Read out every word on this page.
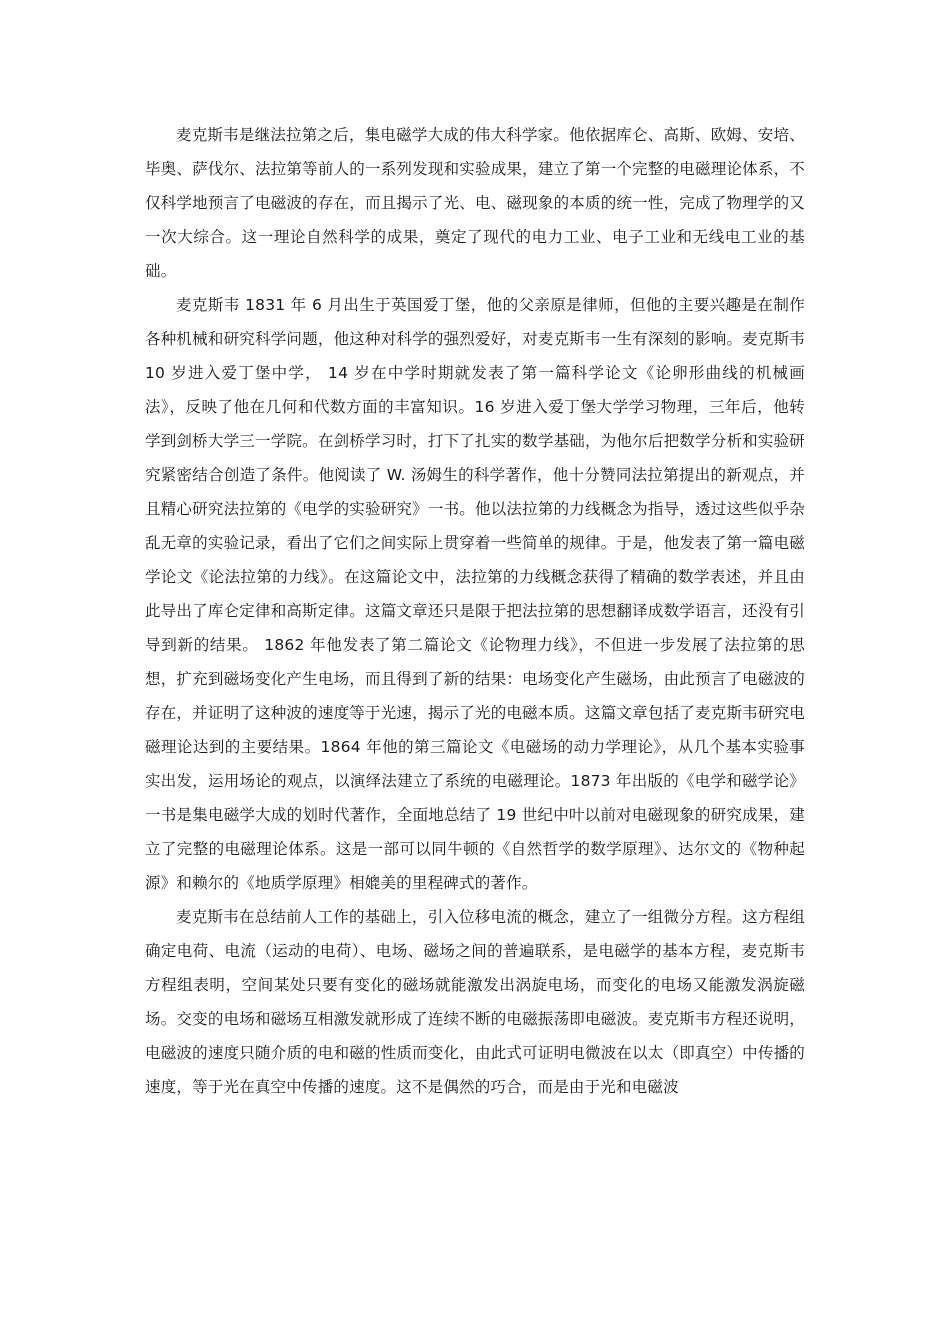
麦克斯韦是继法拉第之后，集电磁学大成的伟大科学家。他依据库仑、高斯、欧姆、安培、毕奥、萨伐尔、法拉第等前人的一系列发现和实验成果，建立了第一个完整的电磁理论体系，不仅科学地预言了电磁波的存在，而且揭示了光、电、磁现象的本质的统一性，完成了物理学的又一次大综合。这一理论自然科学的成果，奠定了现代的电力工业、电子工业和无线电工业的基础。

麦克斯韦 1831 年 6 月出生于英国爱丁堡，他的父亲原是律师，但他的主要兴趣是在制作各种机械和研究科学问题，他这种对科学的强烈爱好，对麦克斯韦一生有深刻的影响。麦克斯韦 10 岁进入爱丁堡中学， 14 岁在中学时期就发表了第一篇科学论文《论卵形曲线的机械画法》，反映了他在几何和代数方面的丰富知识。16 岁进入爱丁堡大学学习物理，三年后，他转学到剑桥大学三一学院。在剑桥学习时，打下了扎实的数学基础，为他尔后把数学分析和实验研究紧密结合创造了条件。他阅读了 W. 汤姆生的科学著作，他十分赞同法拉第提出的新观点，并且精心研究法拉第的《电学的实验研究》一书。他以法拉第的力线概念为指导，透过这些似乎杂乱无章的实验记录，看出了它们之间实际上贯穿着一些简单的规律。于是，他发表了第一篇电磁学论文《论法拉第的力线》。在这篇论文中，法拉第的力线概念获得了精确的数学表述，并且由此导出了库仑定律和高斯定律。这篇文章还只是限于把法拉第的思想翻译成数学语言，还没有引导到新的结果。 1862 年他发表了第二篇论文《论物理力线》，不但进一步发展了法拉第的思想，扩充到磁场变化产生电场，而且得到了新的结果：电场变化产生磁场，由此预言了电磁波的存在，并证明了这种波的速度等于光速，揭示了光的电磁本质。这篇文章包括了麦克斯韦研究电磁理论达到的主要结果。1864 年他的第三篇论文《电磁场的动力学理论》，从几个基本实验事实出发，运用场论的观点，以演绎法建立了系统的电磁理论。1873 年出版的《电学和磁学论》一书是集电磁学大成的划时代著作，全面地总结了 19 世纪中叶以前对电磁现象的研究成果，建立了完整的电磁理论体系。这是一部可以同牛顿的《自然哲学的数学原理》、达尔文的《物种起源》和赖尔的《地质学原理》相媲美的里程碑式的著作。

麦克斯韦在总结前人工作的基础上，引入位移电流的概念，建立了一组微分方程。这方程组确定电荷、电流（运动的电荷）、电场、磁场之间的普遍联系，是电磁学的基本方程，麦克斯韦方程组表明，空间某处只要有变化的磁场就能激发出涡旋电场，而变化的电场又能激发涡旋磁场。交变的电场和磁场互相激发就形成了连续不断的电磁振荡即电磁波。麦克斯韦方程还说明，电磁波的速度只随介质的电和磁的性质而变化，由此式可证明电微波在以太（即真空）中传播的速度，等于光在真空中传播的速度。这不是偶然的巧合，而是由于光和电磁波
